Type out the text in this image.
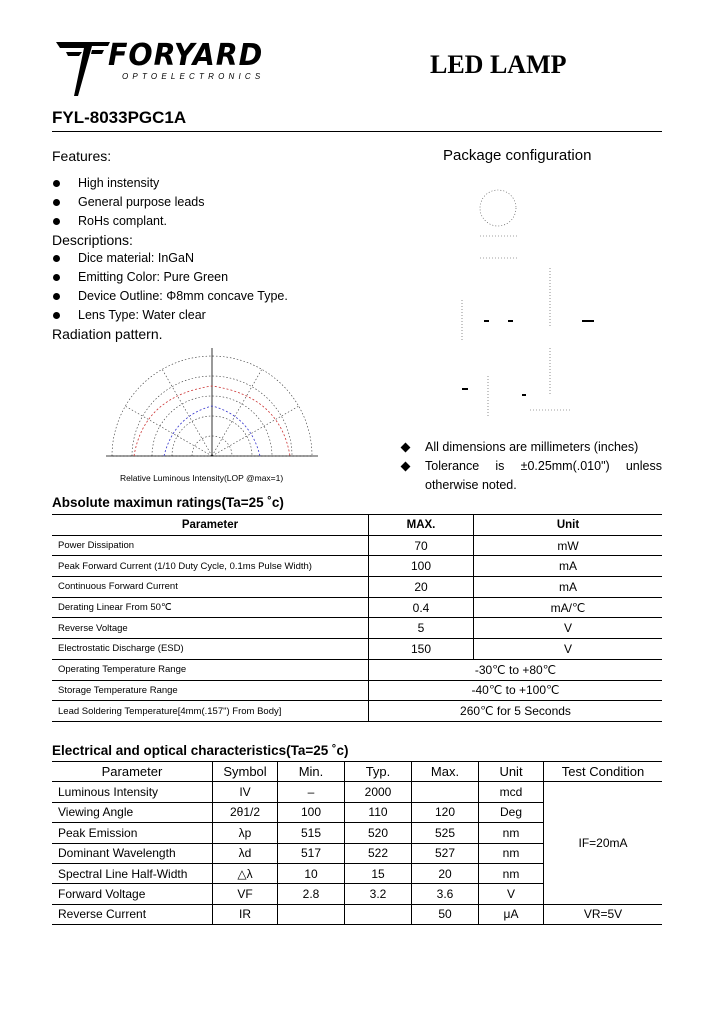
FORYARD
OPTOELECTRONICS	LED LAMP
FYL-8033PGC1A
Features:
High instensity
General purpose leads
RoHs complant.
Descriptions:
Dice material: InGaN
Emitting Color: Pure Green
Device Outline: Φ8mm concave Type.
Lens Type: Water clear
Radiation pattern.
Relative Luminous Intensity(LOP @max=1)
Package configuration
All dimensions are millimeters (inches)
Tolerance is ±0.25mm(.010") unless otherwise noted.
Absolute maximun ratings(Ta=25 ˚c)
Parameter	MAX.	Unit
Power Dissipation	70	mW
Peak Forward Current (1/10 Duty Cycle, 0.1ms Pulse Width)	100	mA
Continuous Forward Current	20	mA
Derating Linear From 50℃	0.4	mA/℃
Reverse Voltage	5	V
Electrostatic Discharge (ESD)	150	V
Operating Temperature Range	-30℃ to +80℃	
Storage Temperature Range	-40℃ to +100℃	
Lead Soldering Temperature[4mm(.157") From Body]	260℃ for 5 Seconds	
Electrical and optical characteristics(Ta=25 ˚c)
Parameter	Symbol	Min.	Typ.	Max.	Unit	Test Condition
Luminous Intensity	IV	–	2000		mcd	IF=20mA
Viewing Angle	2θ1/2	100	110	120	Deg	
Peak Emission	λp	515	520	525	nm	
Dominant Wavelength	λd	517	522	527	nm	
Spectral Line Half-Width	△λ	10	15	20	nm	
Forward Voltage	VF	2.8	3.2	3.6	V	
Reverse Current	IR			50	μA	VR=5V
